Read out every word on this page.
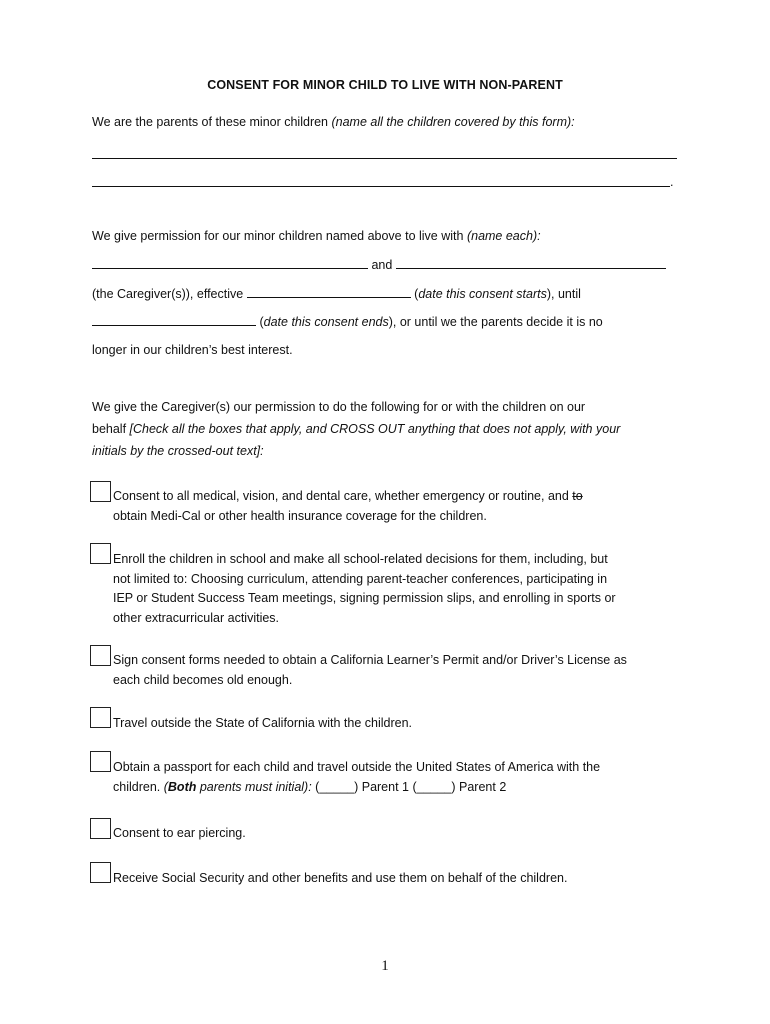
CONSENT FOR MINOR CHILD TO LIVE WITH NON-PARENT
We are the parents of these minor children (name all the children covered by this form):
.
We give permission for our minor children named above to live with (name each):
and
(the Caregiver(s)), effective	(date this consent starts), until
(date this consent ends), or until we the parents decide it is no
longer in our children’s best interest.
We give the Caregiver(s) our permission to do the following for or with the children on our
behalf [Check all the boxes that apply, and CROSS OUT anything that does not apply, with your
initials by the crossed-out text]:
Consent to all medical, vision, and dental care, whether emergency or routine, and to
obtain Medi-Cal or other health insurance coverage for the children.
Enroll the children in school and make all school-related decisions for them, including, but
not limited to: Choosing curriculum, attending parent-teacher conferences, participating in
IEP or Student Success Team meetings, signing permission slips, and enrolling in sports or
other extracurricular activities.
Sign consent forms needed to obtain a California Learner’s Permit and/or Driver’s License as
each child becomes old enough.
Travel outside the State of California with the children.
Obtain a passport for each child and travel outside the United States of America with the
children. (Both parents must initial): (_____) Parent 1 (_____) Parent 2
Consent to ear piercing.
Receive Social Security and other benefits and use them on behalf of the children.
1
